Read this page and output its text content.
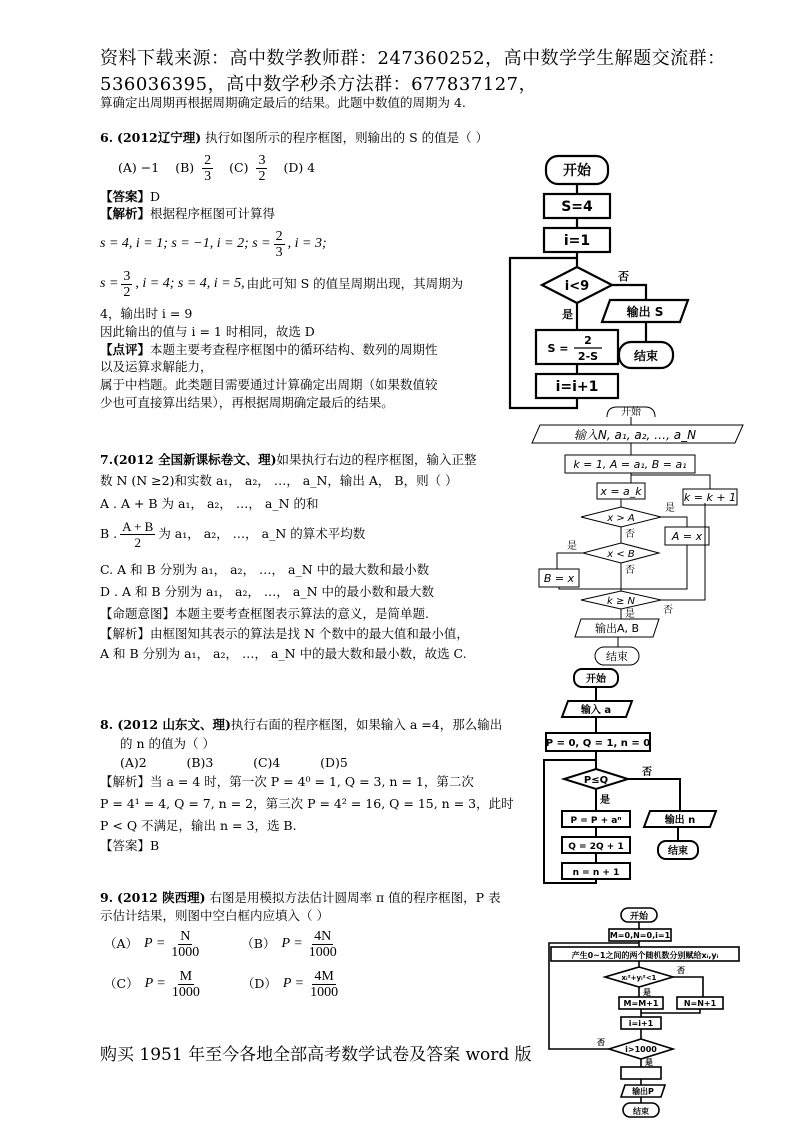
资料下载来源：高中数学教师群：247360252，高中数学学生解题交流群：
536036395，高中数学秒杀方法群：677837127，
算确定出周期再根据周期确定最后的结果。此题中数值的周期为 4.
6. (2012辽宁理) 执行如图所示的程序框图，则输出的 S 的值是（ ）
(A) −1 $(B) \frac{2}{3} (C) \frac{3}{2} (D)$ 4
【答案】D
【解析】根据程序框图可计算得
s = 4, i = 1; s = −1, i = 2; $s = \frac{2}{3}$ , i = 3;
$s = \frac{3}{2}$ , i = 4; s = 4, i = 5, 由此可知 S 的值呈周期出现，其周期为
4，输出时 i = 9
因此输出的值与 i = 1 时相同，故选 D
【点评】本题主要考查程序框图中的循环结构、数列的周期性
以及运算求解能力，
属于中档题。此类题目需要通过计算确定出周期（如果数值较
少也可直接算出结果），再根据周期确定最后的结果。
开始
S=4
i=1
i<9
否
是	输出 S
结束
S =
2
2-S
i=i+1
7.(2012 全国新课标卷文、理)如果执行右边的程序框图，输入正整
数 N (N ≥2)和实数 a₁， a₂， …， a_N，输出 A， B，则（ ）
A . A + B 为 a₁， a₂， …， a_N 的和
B . $\frac{A + B}{2}$ 为 a₁， a₂， …， a_N 的算术平均数
C. A 和 B 分别为 a₁， a₂， …， a_N 中的最大数和最小数
D . A 和 B 分别为 a₁， a₂， …， a_N 中的最小数和最大数
【命题意图】本题主要考查框图表示算法的意义，是简单题.
【解析】由框图知其表示的算法是找 N 个数中的最大值和最小值，
A 和 B 分别为 a₁， a₂， …， a_N 中的最大数和最小数，故选 C.
开始
输入N, a₁, a₂, …, a_N
k = 1, A = a₁, B = a₁
x = a_k
x > A
是
否	A = x
x < B
是
否
B = x
k = k + 1
k ≥ N
否
是
输出A, B
结束
8. (2012 山东文、理)执行右面的程序框图，如果输入 a =4，那么输出
的 n 的值为（ ）
(A)2          (B)3          (C)4          (D)5
【解析】当 a = 4 时，第一次 P = 4⁰ = 1, Q = 3, n = 1，第二次
P = 4¹ = 4, Q = 7, n = 2，第三次 P = 4² = 16, Q = 15, n = 3，此时
P < Q 不满足，输出 n = 3，选 B.
【答案】B
开始
输入 a
P = 0, Q = 1, n = 0
P≤Q
否
是
输出 n
结束
P = P + aⁿ
Q = 2Q + 1
n = n + 1
9. (2012 陕西理) 右图是用模拟方法估计圆周率 π 值的程序框图，P 表
示估计结果，则图中空白框内应填入（ ）
（A） $P = \frac{N}{1000}$	（B） $P = \frac{4N}{1000}$
（C） $P = \frac{M}{1000}$	（D） $P = \frac{4M}{1000}$
开始
M=0,N=0,i=1
产生0~1之间的两个随机数分别赋给xᵢ,yᵢ
xᵢ²+yᵢ²<1
否
是
M=M+1	N=N+1
i=i+1
i>1000
否
是
输出P
结束
购买 1951 年至今各地全部高考数学试卷及答案 word 版
